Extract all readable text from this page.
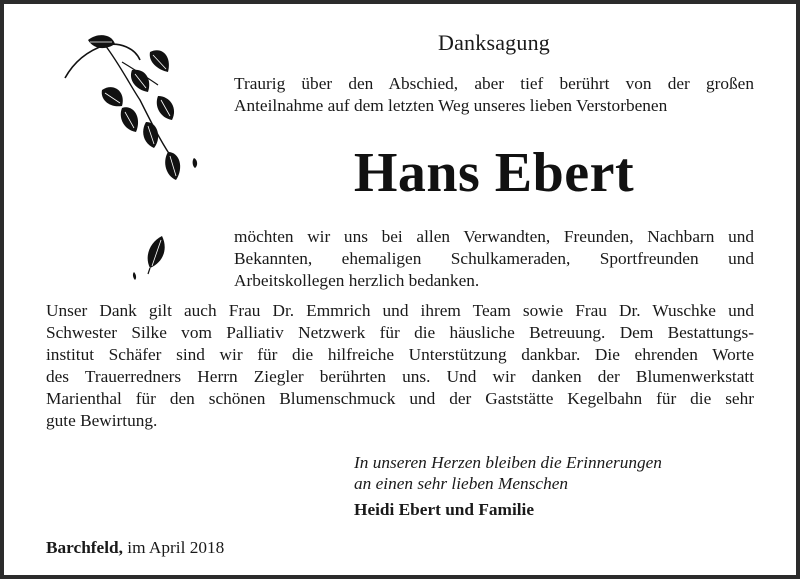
Danksagung
Traurig über den Abschied, aber tief berührt von der großen
Anteilnahme auf dem letzten Weg unseres lieben Verstorbenen
Hans Ebert
möchten wir uns bei allen Verwandten, Freunden, Nachbarn und
Bekannten, ehemaligen Schulkameraden, Sportfreunden und
Arbeitskollegen herzlich bedanken.
Unser Dank gilt auch Frau Dr. Emmrich und ihrem Team sowie Frau Dr. Wuschke und
Schwester Silke vom Palliativ Netzwerk für die häusliche Betreuung. Dem Bestattungs-
institut Schäfer sind wir für die hilfreiche Unterstützung dankbar. Die ehrenden Worte
des Trauerredners Herrn Ziegler berührten uns. Und wir danken der Blumenwerkstatt
Marienthal für den schönen Blumenschmuck und der Gaststätte Kegelbahn für die sehr
gute Bewirtung.
In unseren Herzen bleiben die Erinnerungen
an einen sehr lieben Menschen
Heidi Ebert und Familie
Barchfeld, im April 2018
